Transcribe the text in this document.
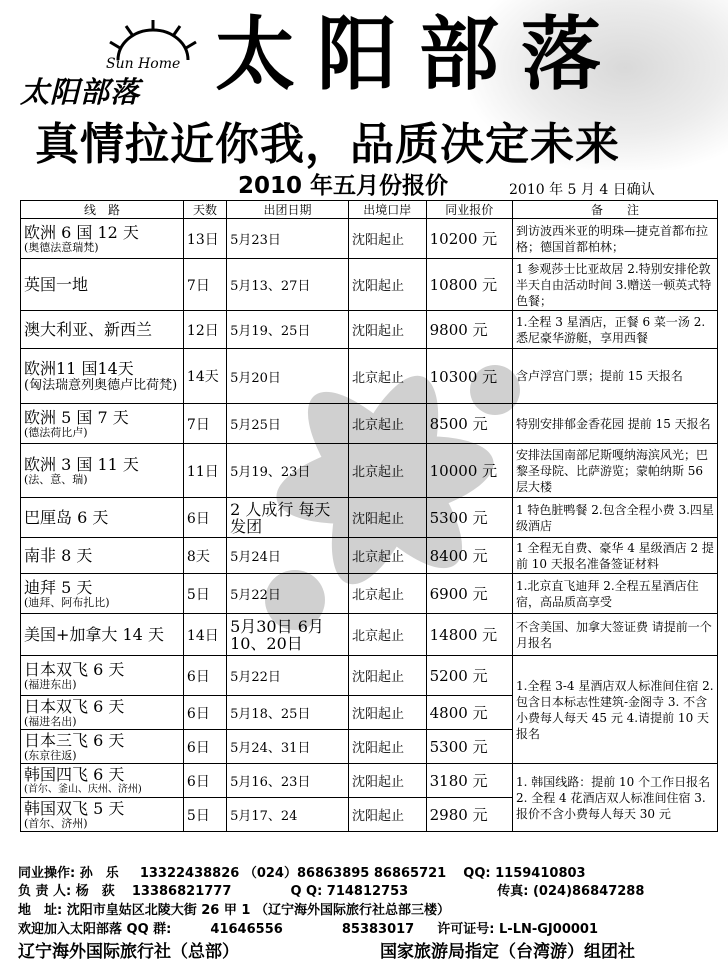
Sun Home
太阳部落 太阳部落
真情拉近你我，品质决定未来
2010 年五月份报价	2010 年 5 月 4 日确认
线　路	天数	出团日期	出境口岸	同业报价	备　　注

欧洲 6 国 12 天
(奥德法意瑞梵)	13日	5月23日	沈阳起止	10200 元	到访波西米亚的明珠—捷克首都布拉格；德国首都柏林；

英国一地	7日	5月13、27日	沈阳起止	10800 元	1 参观莎士比亚故居 2.特别安排伦敦半天自由活动时间 3.赠送一顿英式特色餐；

澳大利亚、新西兰	12日	5月19、25日	沈阳起止	9800 元	1.全程 3 星酒店，正餐 6 菜一汤 2.悉尼豪华游艇，享用西餐

欧洲11 国14天
(匈法瑞意列奥德卢比荷梵)	14天	5月20日	北京起止	10300 元	含卢浮宫门票；提前 15 天报名

欧洲 5 国 7 天
(德法荷比卢)	7日	5月25日	北京起止	8500 元	特别安排郁金香花园 提前 15 天报名

欧洲 3 国 11 天
(法、意、瑞)	11日	5月19、23日	北京起止	10000 元	安排法国南部尼斯嘎纳海滨风光；巴黎圣母院、比萨游览；蒙帕纳斯 56 层大楼

巴厘岛 6 天	6日	2 人成行 每天发团	沈阳起止	5300 元	1 特色脏鸭餐 2.包含全程小费 3.四星级酒店

南非 8 天	8天	5月24日	北京起止	8400 元	1 全程无自费、豪华 4 星级酒店 2 提前 10 天报名准备签证材料

迪拜 5 天
(迪拜、阿布扎比)	5日	5月22日	北京起止	6900 元	1.北京直飞迪拜 2.全程五星酒店住宿，高品质高享受

美国+加拿大 14 天	14日	5月30日 6月10、20日	北京起止	14800 元	不含美国、加拿大签证费 请提前一个月报名

日本双飞 6 天
(福进东出)	6日	5月22日	沈阳起止	5200 元	1.全程 3-4 星酒店双人标准间住宿 2. 包含日本标志性建筑-金阁寺 3. 不含小费每人每天 45 元 4.请提前 10 天报名

日本双飞 6 天
(福进名出)	6日	5月18、25日	沈阳起止	4800 元	

日本三飞 6 天
(东京往返)	6日	5月24、31日	沈阳起止	5300 元	

韩国四飞 6 天
(首尔、釜山、庆州、济州)	6日	5月16、23日	沈阳起止	3180 元	1. 韩国线路：提前 10 个工作日报名 2. 全程 4 花酒店双人标准间住宿 3.报价不含小费每人每天 30 元

韩国双飞 5 天
(首尔、济州)	5日	5月17、24	沈阳起止	2980 元	
同业操作: 孙　乐 13322438826 （024）86863895 86865721 QQ: 1159410803
负 责 人: 杨　荻 13386821777	Q Q: 714812753	传真: (024)86847288
地　址: 沈阳市皇姑区北陵大街 26 甲 1 （辽宁海外国际旅行社总部三楼）
欢迎加入太阳部落 QQ 群:	41646556	85383017 许可证号: L-LN-GJ00001
辽宁海外国际旅行社（总部）	国家旅游局指定（台湾游）组团社
